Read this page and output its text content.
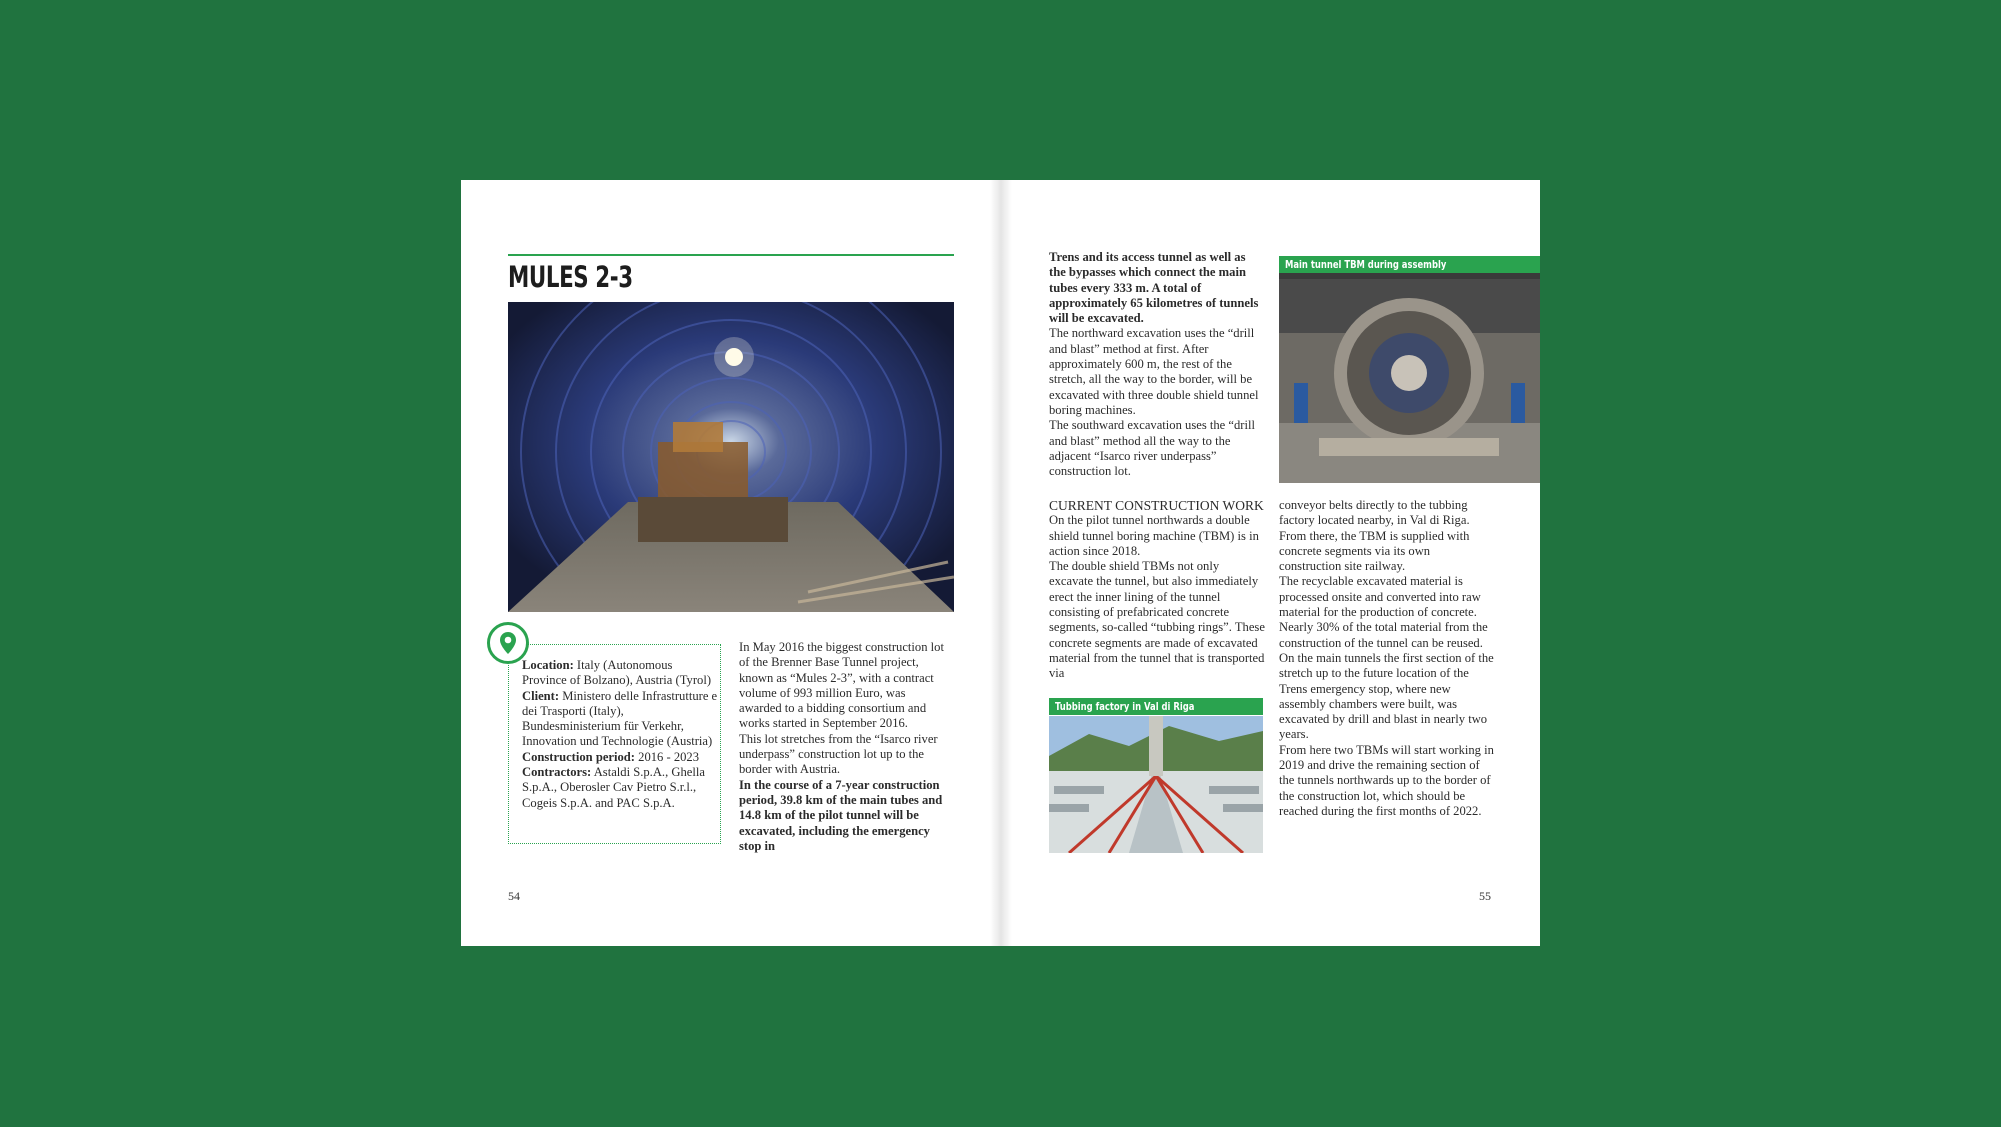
MULES 2-3
Location: Italy (Autonomous Province of Bolzano), Austria (Tyrol)
Client: Ministero delle Infrastrutture e dei Trasporti (Italy), Bundesministerium für Verkehr, Innovation und Technologie (Austria)
Construction period: 2016 - 2023
Contractors: Astaldi S.p.A., Ghella S.p.A., Oberosler Cav Pietro S.r.l., Cogeis S.p.A. and PAC S.p.A.
In May 2016 the biggest construction lot of the Brenner Base Tunnel project, known as “Mules 2-3”, with a contract volume of 993 million Euro, was awarded to a bidding consortium and works started in September 2016.
This lot stretches from the “Isarco river underpass” construction lot up to the border with Austria.
In the course of a 7-year construction period, 39.8 km of the main tubes and 14.8 km of the pilot tunnel will be excavated, including the emergency stop in
54
Trens and its access tunnel as well as the bypasses which connect the main tubes every 333 m. A total of approximately 65 kilometres of tunnels will be excavated.
The northward excavation uses the “drill and blast” method at first. After approximately 600 m, the rest of the stretch, all the way to the border, will be excavated with three double shield tunnel boring machines.
The southward excavation uses the “drill and blast” method all the way to the adjacent “Isarco river underpass” construction lot.
CURRENT CONSTRUCTION WORK
On the pilot tunnel northwards a double shield tunnel boring machine (TBM) is in action since 2018.
The double shield TBMs not only excavate the tunnel, but also immediately erect the inner lining of the tunnel consisting of prefabricated concrete segments, so-called “tubbing rings”. These concrete segments are made of excavated material from the tunnel that is transported via
Tubbing factory in Val di Riga
Main tunnel TBM during assembly
conveyor belts directly to the tubbing factory located nearby, in Val di Riga. From there, the TBM is supplied with concrete segments via its own construction site railway.
The recyclable excavated material is processed onsite and converted into raw material for the production of concrete. Nearly 30% of the total material from the construction of the tunnel can be reused.
On the main tunnels the first section of the stretch up to the future location of the Trens emergency stop, where new assembly chambers were built, was excavated by drill and blast in nearly two years.
From here two TBMs will start working in 2019 and drive the remaining section of the tunnels northwards up to the border of the construction lot, which should be reached during the first months of 2022.
55
